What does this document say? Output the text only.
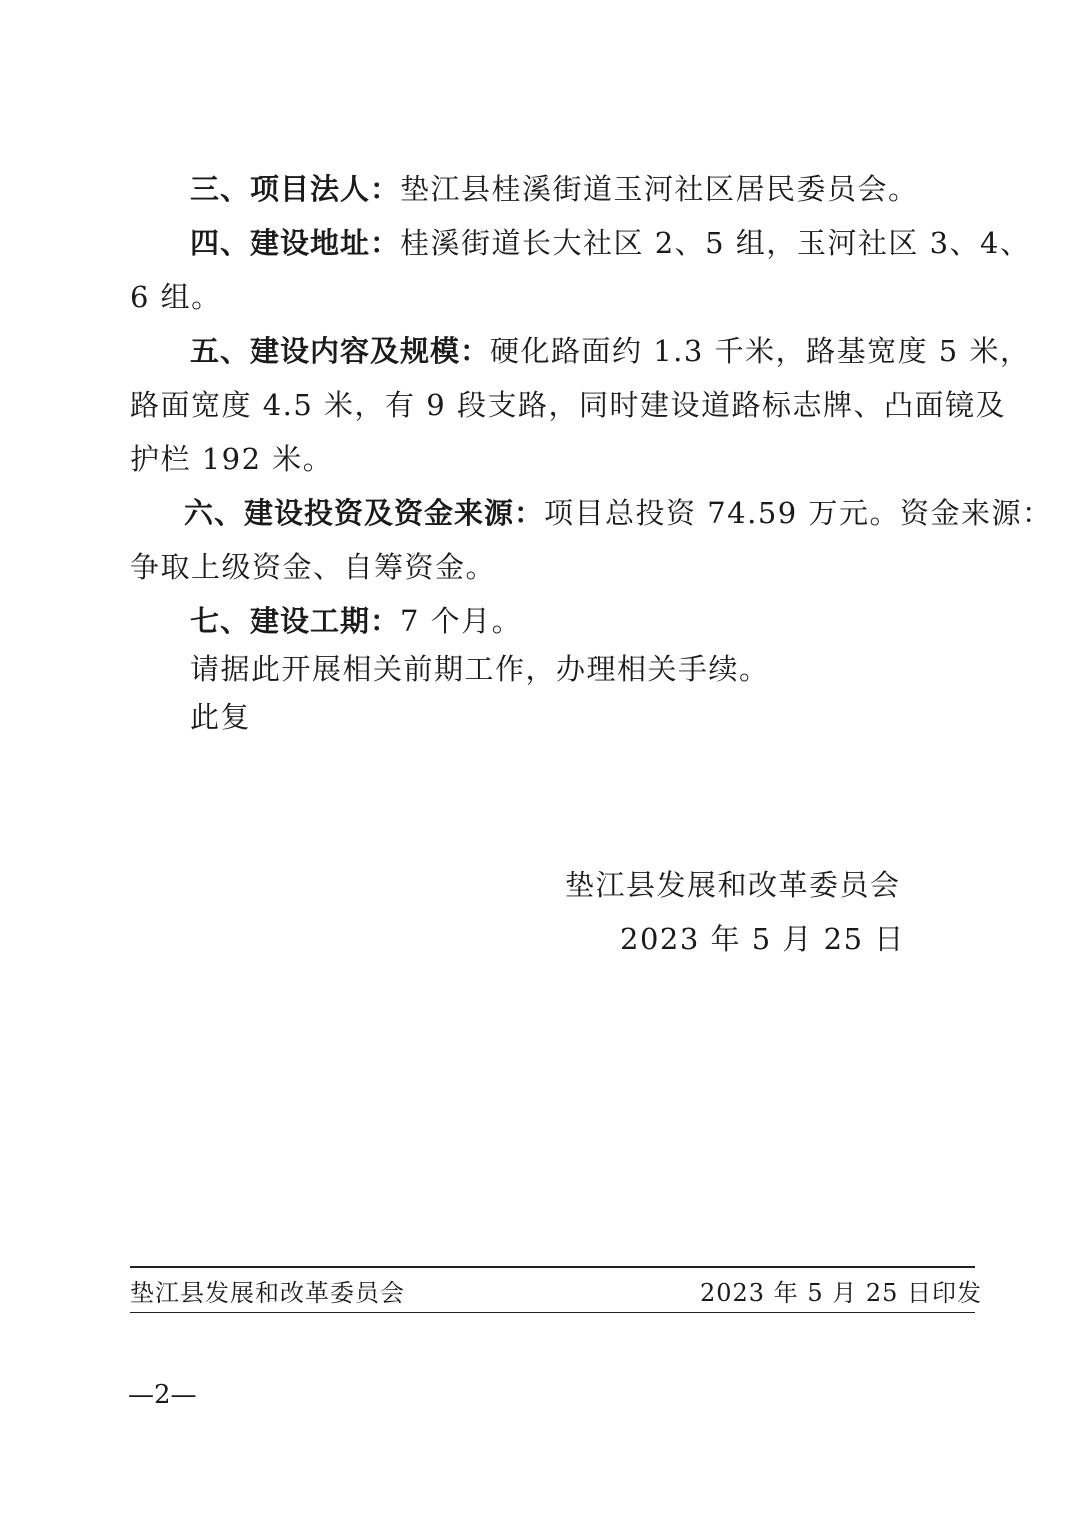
三、项目法人：垫江县桂溪街道玉河社区居民委员会。
四、建设地址：桂溪街道长大社区 2、5 组，玉河社区 3、4、
6 组。
五、建设内容及规模：硬化路面约 1.3 千米，路基宽度 5 米，
路面宽度 4.5 米，有 9 段支路，同时建设道路标志牌、凸面镜及
护栏 192 米。
六、建设投资及资金来源：项目总投资 74.59 万元。资金来源：
争取上级资金、自筹资金。
七、建设工期：7 个月。
请据此开展相关前期工作，办理相关手续。
此复
垫江县发展和改革委员会
2023 年 5 月 25 日
垫江县发展和改革委员会	2023 年 5 月 25 日印发
—2—
